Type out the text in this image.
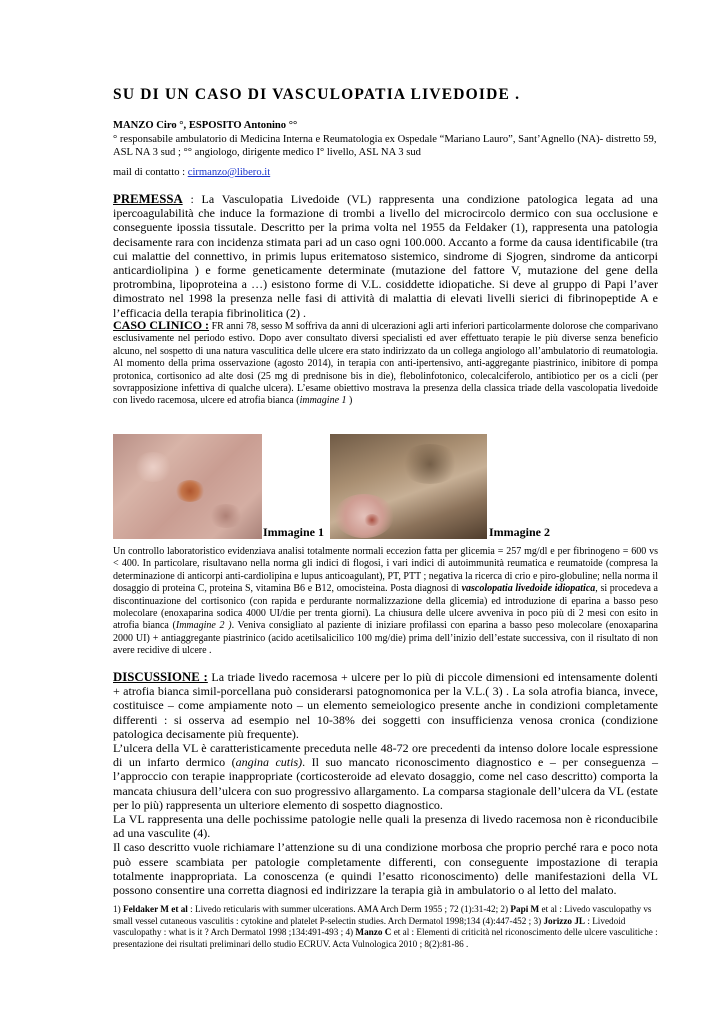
SU DI UN CASO DI VASCULOPATIA LIVEDOIDE .
MANZO Ciro °, ESPOSITO Antonino °°
° responsabile ambulatorio di Medicina Interna e Reumatologia ex Ospedale “Mariano Lauro”, Sant’Agnello (NA)- distretto 59, ASL NA 3 sud ; °° angiologo, dirigente medico I° livello, ASL NA 3 sud
mail di contatto : cirmanzo@libero.it
PREMESSA : La Vasculopatia Livedoide (VL) rappresenta una condizione patologica legata ad una ipercoagulabilità che induce la formazione di trombi a livello del microcircolo dermico con sua occlusione e conseguente ipossia tissutale. Descritto per la prima volta nel 1955 da Feldaker (1), rappresenta una patologia decisamente rara con incidenza stimata pari ad un caso ogni 100.000. Accanto a forme da causa identificabile (tra cui malattie del connettivo, in primis lupus eritematoso sistemico, sindrome di Sjogren, sindrome da anticorpi anticardiolipina ) e forme geneticamente determinate (mutazione del fattore V, mutazione del gene della protrombina, lipoproteina a …) esistono forme di V.L. cosiddette idiopatiche. Si deve al gruppo di Papi l’aver dimostrato nel 1998 la presenza nelle fasi di attività di malattia di elevati livelli sierici di fibrinopeptide A e l’efficacia della terapia fibrinolitica (2) .
CASO CLINICO : FR anni 78, sesso M soffriva da anni di ulcerazioni agli arti inferiori particolarmente dolorose che comparivano esclusivamente nel periodo estivo. Dopo aver consultato diversi specialisti ed aver effettuato terapie le più diverse senza beneficio alcuno, nel sospetto di una natura vasculitica delle ulcere era stato indirizzato da un collega angiologo all’ambulatorio di reumatologia. Al momento della prima osservazione (agosto 2014), in terapia con anti-ipertensivo, anti-aggregante piastrinico, inibitore di pompa protonica, cortisonico ad alte dosi (25 mg di prednisone bis in die), flebolinfotonico, colecalciferolo, antibiotico per os a cicli (per sovrapposizione infettiva di qualche ulcera). L’esame obiettivo mostrava la presenza della classica triade della vascolopatia livedoide con livedo racemosa, ulcere ed atrofia bianca (immagine 1 )
Immagine 1	Immagine 2
Un controllo laboratoristico evidenziava analisi totalmente normali eccezion fatta per glicemia = 257 mg/dl e per fibrinogeno = 600 vs < 400. In particolare, risultavano nella norma gli indici di flogosi, i vari indici di autoimmunità reumatica e reumatoide (compresa la determinazione di anticorpi anti-cardiolipina e lupus anticoagulant), PT, PTT ; negativa la ricerca di crio e piro-globuline; nella norma il dosaggio di proteina C, proteina S, vitamina B6 e B12, omocisteina. Posta diagnosi di vascolopatia livedoide idiopatica, si procedeva a discontinuazione del cortisonico (con rapida e perdurante normalizzazione della glicemia) ed introduzione di eparina a basso peso molecolare (enoxaparina sodica 4000 UI/die per trenta giorni). La chiusura delle ulcere avveniva in poco più di 2 mesi con esito in atrofia bianca (Immagine 2 ). Veniva consigliato al paziente di iniziare profilassi con eparina a basso peso molecolare (enoxaparina 2000 UI) + antiaggregante piastrinico (acido acetilsalicilico 100 mg/die) prima dell’inizio dell’estate successiva, con il risultato di non avere recidive di ulcere .
DISCUSSIONE : La triade livedo racemosa + ulcere per lo più di piccole dimensioni ed intensamente dolenti + atrofia bianca simil-porcellana può considerarsi patognomonica per la V.L.( 3) . La sola atrofia bianca, invece, costituisce – come ampiamente noto – un elemento semeiologico presente anche in condizioni completamente differenti : si osserva ad esempio nel 10-38% dei soggetti con insufficienza venosa cronica (condizione patologica decisamente più frequente).
L’ulcera della VL è caratteristicamente preceduta nelle 48-72 ore precedenti da intenso dolore locale espressione di un infarto dermico (angina cutis). Il suo mancato riconoscimento diagnostico e – per conseguenza – l’approccio con terapie inappropriate (corticosteroide ad elevato dosaggio, come nel caso descritto) comporta la mancata chiusura dell’ulcera con suo progressivo allargamento. La comparsa stagionale dell’ulcera da VL (estate per lo più) rappresenta un ulteriore elemento di sospetto diagnostico.
La VL rappresenta una delle pochissime patologie nelle quali la presenza di livedo racemosa non è riconducibile ad una vasculite (4).
Il caso descritto vuole richiamare l’attenzione su di una condizione morbosa che proprio perché rara e poco nota può essere scambiata per patologie completamente differenti, con conseguente impostazione di terapia totalmente inappropriata. La conoscenza (e quindi l’esatto riconoscimento) delle manifestazioni della VL possono consentire una corretta diagnosi ed indirizzare la terapia già in ambulatorio o al letto del malato.
1) Feldaker M et al : Livedo reticularis with summer ulcerations. AMA Arch Derm 1955 ; 72 (1):31-42; 2) Papi M et al : Livedo vasculopathy vs small vessel cutaneous vasculitis : cytokine and platelet P-selectin studies. Arch Dermatol 1998;134 (4):447-452 ; 3) Jorizzo JL : Livedoid vasculopathy : what is it ? Arch Dermatol 1998 ;134:491-493 ; 4) Manzo C et al : Elementi di criticità nel riconoscimento delle ulcere vasculitiche : presentazione dei risultati preliminari dello studio ECRUV. Acta Vulnologica 2010 ; 8(2):81-86 .
